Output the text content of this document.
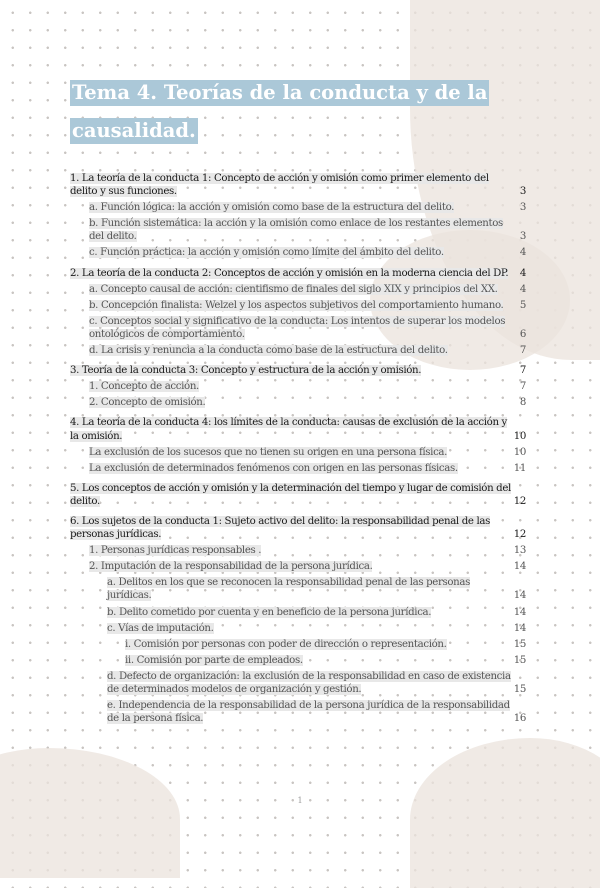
Tema 4. Teorías de la conducta y de la causalidad.
1. La teoría de la conducta 1: Concepto de acción y omisión como primer elemento del delito y sus funciones.	3
a. Función lógica: la acción y omisión como base de la estructura del delito.	3
b. Función sistemática: la acción y la omisión como enlace de los restantes elementos del delito.	3
c. Función práctica: la acción y omisión como límite del ámbito del delito.	4
2. La teoría de la conducta 2: Conceptos de acción y omisión en la moderna ciencia del DP.	4
a. Concepto causal de acción: cientifismo de finales del siglo XIX y principios del XX.	4
b. Concepción finalista: Welzel y los aspectos subjetivos del comportamiento humano.	5
c. Conceptos social y significativo de la conducta: Los intentos de superar los modelos ontológicos de comportamiento.	6
d. La crisis y renuncia a la conducta como base de la estructura del delito.	7
3. Teoría de la conducta 3: Concepto y estructura de la acción y omisión.	7
1. Concepto de acción.	7
2. Concepto de omisión.	8
4. La teoría de la conducta 4: los límites de la conducta: causas de exclusión de la acción y la omisión.	10
La exclusión de los sucesos que no tienen su origen en una persona física.	10
La exclusión de determinados fenómenos con origen en las personas físicas.	11
5. Los conceptos de acción y omisión y la determinación del tiempo y lugar de comisión del delito.	12
6. Los sujetos de la conducta 1: Sujeto activo del delito: la responsabilidad penal de las personas jurídicas.	12
1. Personas jurídicas responsables .	13
2. Imputación de la responsabilidad de la persona jurídica.	14
a. Delitos en los que se reconocen la responsabilidad penal de las personas jurídicas.	14
b. Delito cometido por cuenta y en beneficio de la persona jurídica.	14
c. Vías de imputación.	14
i. Comisión por personas con poder de dirección o representación.	15
ii. Comisión por parte de empleados.	15
d. Defecto de organización: la exclusión de la responsabilidad en caso de existencia de determinados modelos de organización y gestión.	15
e. Independencia de la responsabilidad de la persona jurídica de la responsabilidad de la persona física.	16
1
